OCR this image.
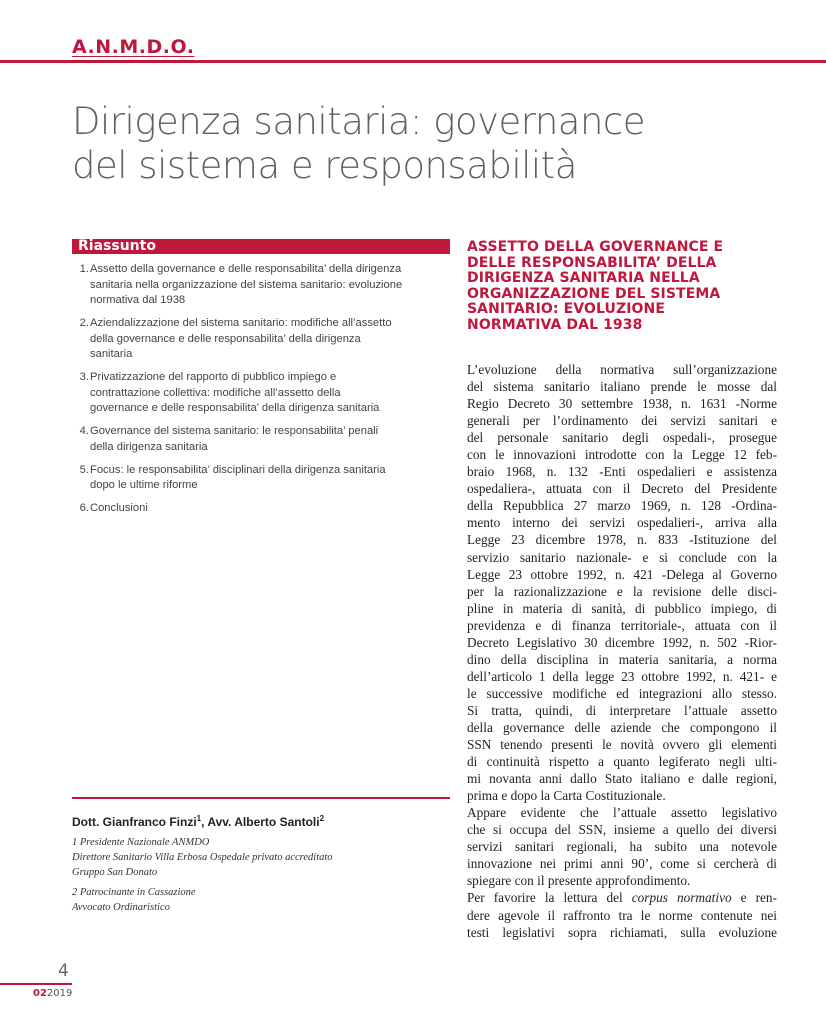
A.N.M.D.O.
Dirigenza sanitaria: governance
del sistema e responsabilità
Riassunto
1. Assetto della governance e delle responsabilita’ della dirigenza
sanitaria nella organizzazione del sistema sanitario: evoluzione
normativa dal 1938
2. Aziendalizzazione del sistema sanitario: modifiche all’assetto
della governance e delle responsabilita’ della dirigenza
sanitaria
3. Privatizzazione del rapporto di pubblico impiego e
contrattazione collettiva: modifiche all’assetto della
governance e delle responsabilita’ della dirigenza sanitaria
4. Governance del sistema sanitario: le responsabilita’ penali
della dirigenza sanitaria
5. Focus: le responsabilita’ disciplinari della dirigenza sanitaria
dopo le ultime riforme
6. Conclusioni
Dott. Gianfranco Finzi$^1$, Avv. Alberto Santoli$^2$
1 Presidente Nazionale ANMDO
Direttore Sanitario Villa Erbosa Ospedale privato accreditato
Gruppo San Donato
2 Patrocinante in Cassazione
Avvocato Ordinaristico
ASSETTO DELLA GOVERNANCE E
DELLE RESPONSABILITA’ DELLA
DIRIGENZA SANITARIA NELLA
ORGANIZZAZIONE DEL SISTEMA
SANITARIO: EVOLUZIONE
NORMATIVA DAL 1938
L’evoluzione della normativa sull’organizzazione
del sistema sanitario italiano prende le mosse dal
Regio Decreto 30 settembre 1938, n. 1631 -Norme
generali per l’ordinamento dei servizi sanitari e
del personale sanitario degli ospedali-, prosegue
con le innovazioni introdotte con la Legge 12 feb-
braio 1968, n. 132 -Enti ospedalieri e assistenza
ospedaliera-, attuata con il Decreto del Presidente
della Repubblica 27 marzo 1969, n. 128 -Ordina-
mento interno dei servizi ospedalieri-, arriva alla
Legge 23 dicembre 1978, n. 833 -Istituzione del
servizio sanitario nazionale- e si conclude con la
Legge 23 ottobre 1992, n. 421 -Delega al Governo
per la razionalizzazione e la revisione delle disci-
pline in materia di sanità, di pubblico impiego, di
previdenza e di finanza territoriale-, attuata con il
Decreto Legislativo 30 dicembre 1992, n. 502 -Rior-
dino della disciplina in materia sanitaria, a norma
dell’articolo 1 della legge 23 ottobre 1992, n. 421- e
le successive modifiche ed integrazioni allo stesso.
Si tratta, quindi, di interpretare l’attuale assetto
della governance delle aziende che compongono il
SSN tenendo presenti le novità ovvero gli elementi
di continuità rispetto a quanto legiferato negli ulti-
mi novanta anni dallo Stato italiano e dalle regioni,
prima e dopo la Carta Costituzionale.
Appare evidente che l’attuale assetto legislativo
che si occupa del SSN, insieme a quello dei diversi
servizi sanitari regionali, ha subito una notevole
innovazione nei primi anni 90’, come si cercherà di
spiegare con il presente approfondimento.
Per favorire la lettura del corpus normativo e ren-
dere agevole il raffronto tra le norme contenute nei
testi legislativi sopra richiamati, sulla evoluzione
4
022019
